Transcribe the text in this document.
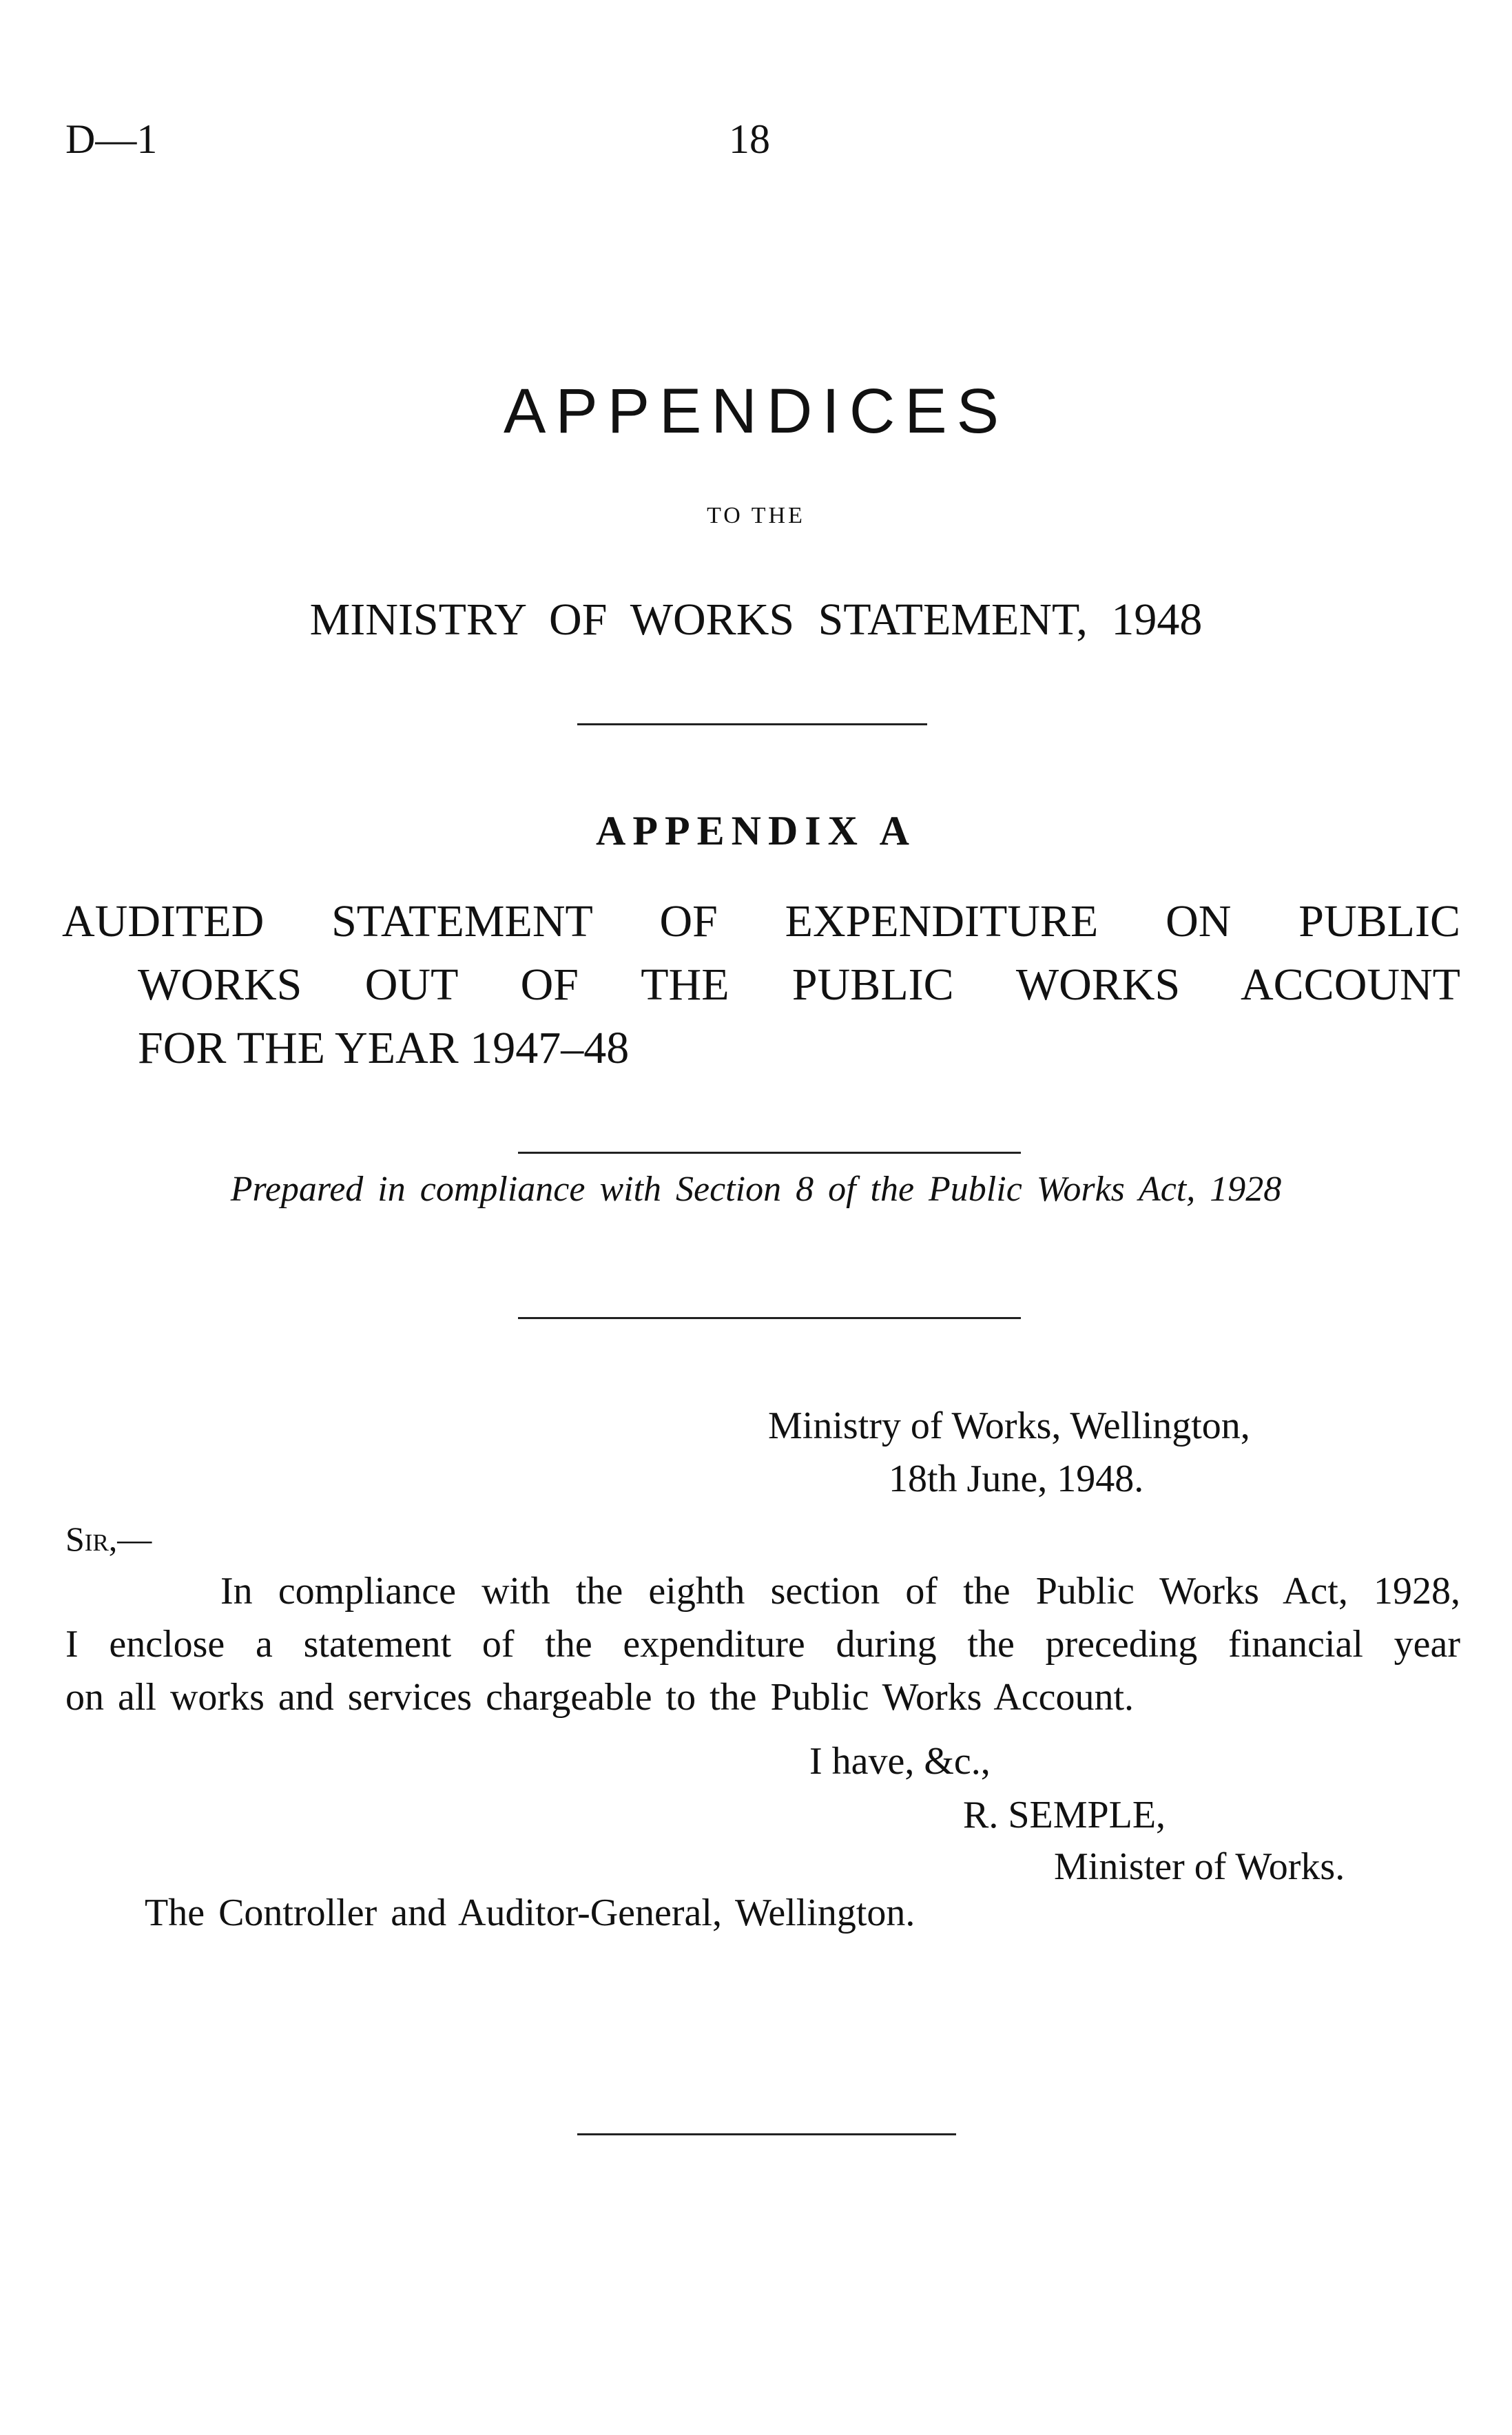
D—1	18
APPENDICES
TO THE
MINISTRY OF WORKS STATEMENT, 1948
APPENDIX A
AUDITED STATEMENT OF EXPENDITURE ON PUBLIC
WORKS OUT OF THE PUBLIC WORKS ACCOUNT
FOR THE YEAR 1947–48
Prepared in compliance with Section 8 of the Public Works Act, 1928
Ministry of Works, Wellington,
18th June, 1948.
Sir,—
In compliance with the eighth section of the Public Works Act, 1928,
I enclose a statement of the expenditure during the preceding financial year
on all works and services chargeable to the Public Works Account.
I have, &c.,
R. SEMPLE,
Minister of Works.
The Controller and Auditor-General, Wellington.
